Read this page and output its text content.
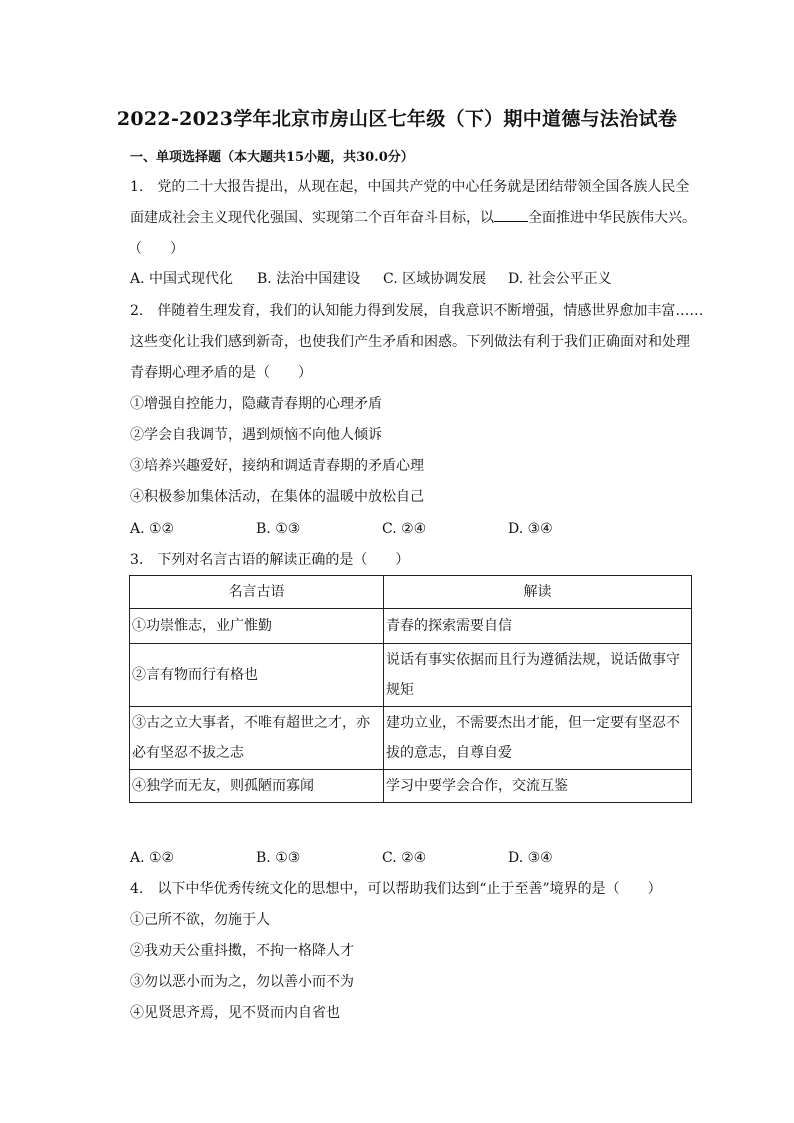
2022-2023学年北京市房山区七年级（下）期中道德与法治试卷
一、单项选择题（本大题共15小题，共30.0分）
1.　党的二十大报告提出，从现在起，中国共产党的中心任务就是团结带领全国各族人民全
面建成社会主义现代化强国、实现第二个百年奋斗目标，以 全面推进中华民族伟大兴。
（　　）
A. 中国式现代化 B. 法治中国建设 C. 区域协调发展 D. 社会公平正义
2.　伴随着生理发育，我们的认知能力得到发展，自我意识不断增强，情感世界愈加丰富……
这些变化让我们感到新奇，也使我们产生矛盾和困惑。下列做法有利于我们正确面对和处理
青春期心理矛盾的是（　　）
①增强自控能力，隐藏青春期的心理矛盾
②学会自我调节，遇到烦恼不向他人倾诉
③培养兴趣爱好，接纳和调适青春期的矛盾心理
④积极参加集体活动，在集体的温暖中放松自己
A. ①②	B. ①③	C. ②④	D. ③④
3.　下列对名言古语的解读正确的是（　　）
名言古语	解读
①功崇惟志，业广惟勤	青春的探索需要自信
②言有物而行有格也	说话有事实依据而且行为遵循法规，说话做事守规矩
③古之立大事者，不唯有超世之才，亦必有坚忍不拔之志	建功立业，不需要杰出才能，但一定要有坚忍不拔的意志，自尊自爱
④独学而无友，则孤陋而寡闻	学习中要学会合作，交流互鉴
A. ①②	B. ①③	C. ②④	D. ③④
4.　以下中华优秀传统文化的思想中，可以帮助我们达到“止于至善”境界的是（　　）
①己所不欲，勿施于人
②我劝天公重抖擞，不拘一格降人才
③勿以恶小而为之，勿以善小而不为
④见贤思齐焉，见不贤而内自省也
